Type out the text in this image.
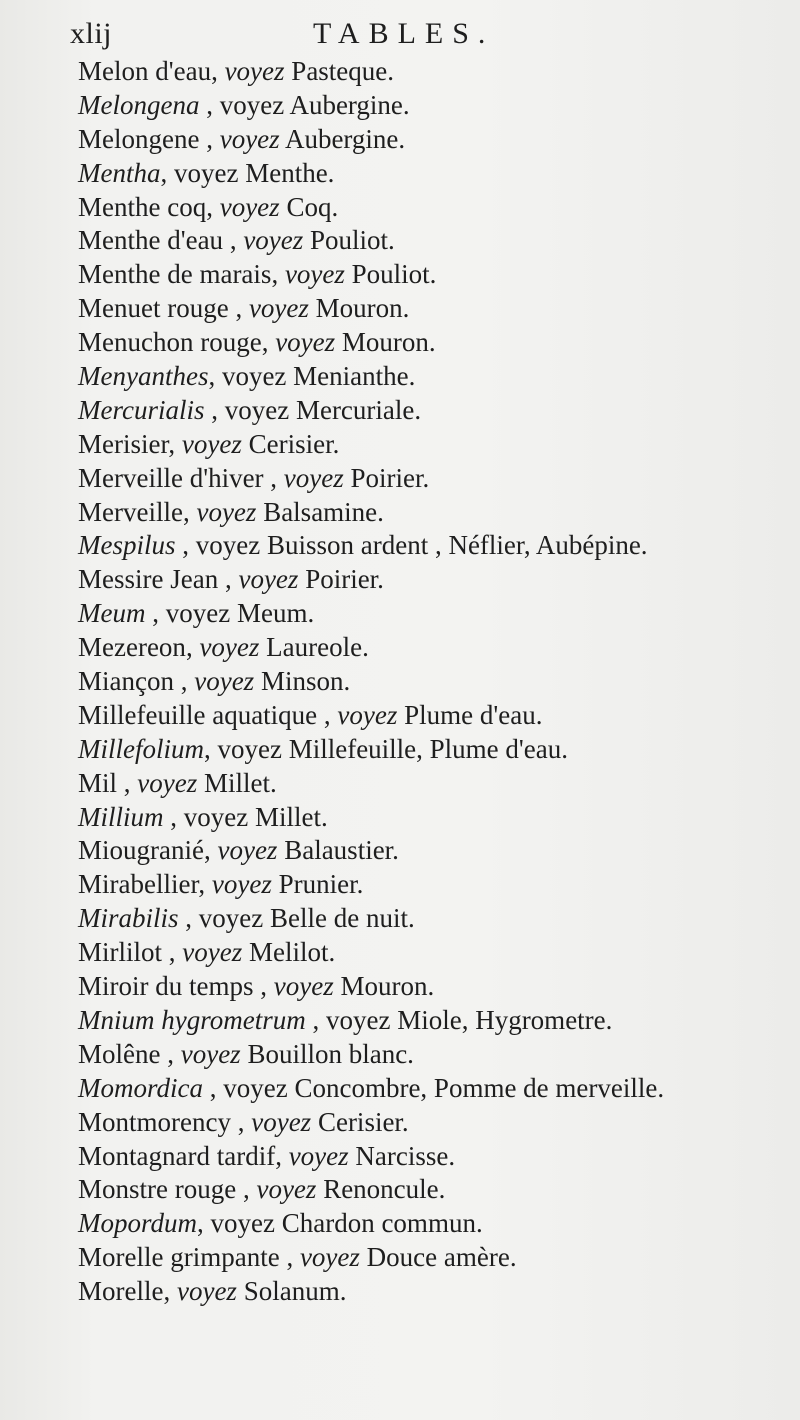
xlij	TABLES.
Melon d'eau, voyez Pasteque.
Melongena , voyez Aubergine.
Melongene , voyez Aubergine.
Mentha, voyez Menthe.
Menthe coq, voyez Coq.
Menthe d'eau , voyez Pouliot.
Menthe de marais, voyez Pouliot.
Menuet rouge , voyez Mouron.
Menuchon rouge, voyez Mouron.
Menyanthes, voyez Menianthe.
Mercurialis , voyez Mercuriale.
Merisier, voyez Cerisier.
Merveille d'hiver , voyez Poirier.
Merveille, voyez Balsamine.
Mespilus , voyez Buisson ardent , Néflier, Aubépine.
Messire Jean , voyez Poirier.
Meum , voyez Meum.
Mezereon, voyez Laureole.
Miançon , voyez Minson.
Millefeuille aquatique , voyez Plume d'eau.
Millefolium, voyez Millefeuille, Plume d'eau.
Mil , voyez Millet.
Millium , voyez Millet.
Miougranié, voyez Balaustier.
Mirabellier, voyez Prunier.
Mirabilis , voyez Belle de nuit.
Mirlilot , voyez Melilot.
Miroir du temps , voyez Mouron.
Mnium hygrometrum , voyez Miole, Hygrometre.
Molêne , voyez Bouillon blanc.
Momordica , voyez Concombre, Pomme de merveille.
Montmorency , voyez Cerisier.
Montagnard tardif, voyez Narcisse.
Monstre rouge , voyez Renoncule.
Mopordum, voyez Chardon commun.
Morelle grimpante , voyez Douce amère.
Morelle, voyez Solanum.
